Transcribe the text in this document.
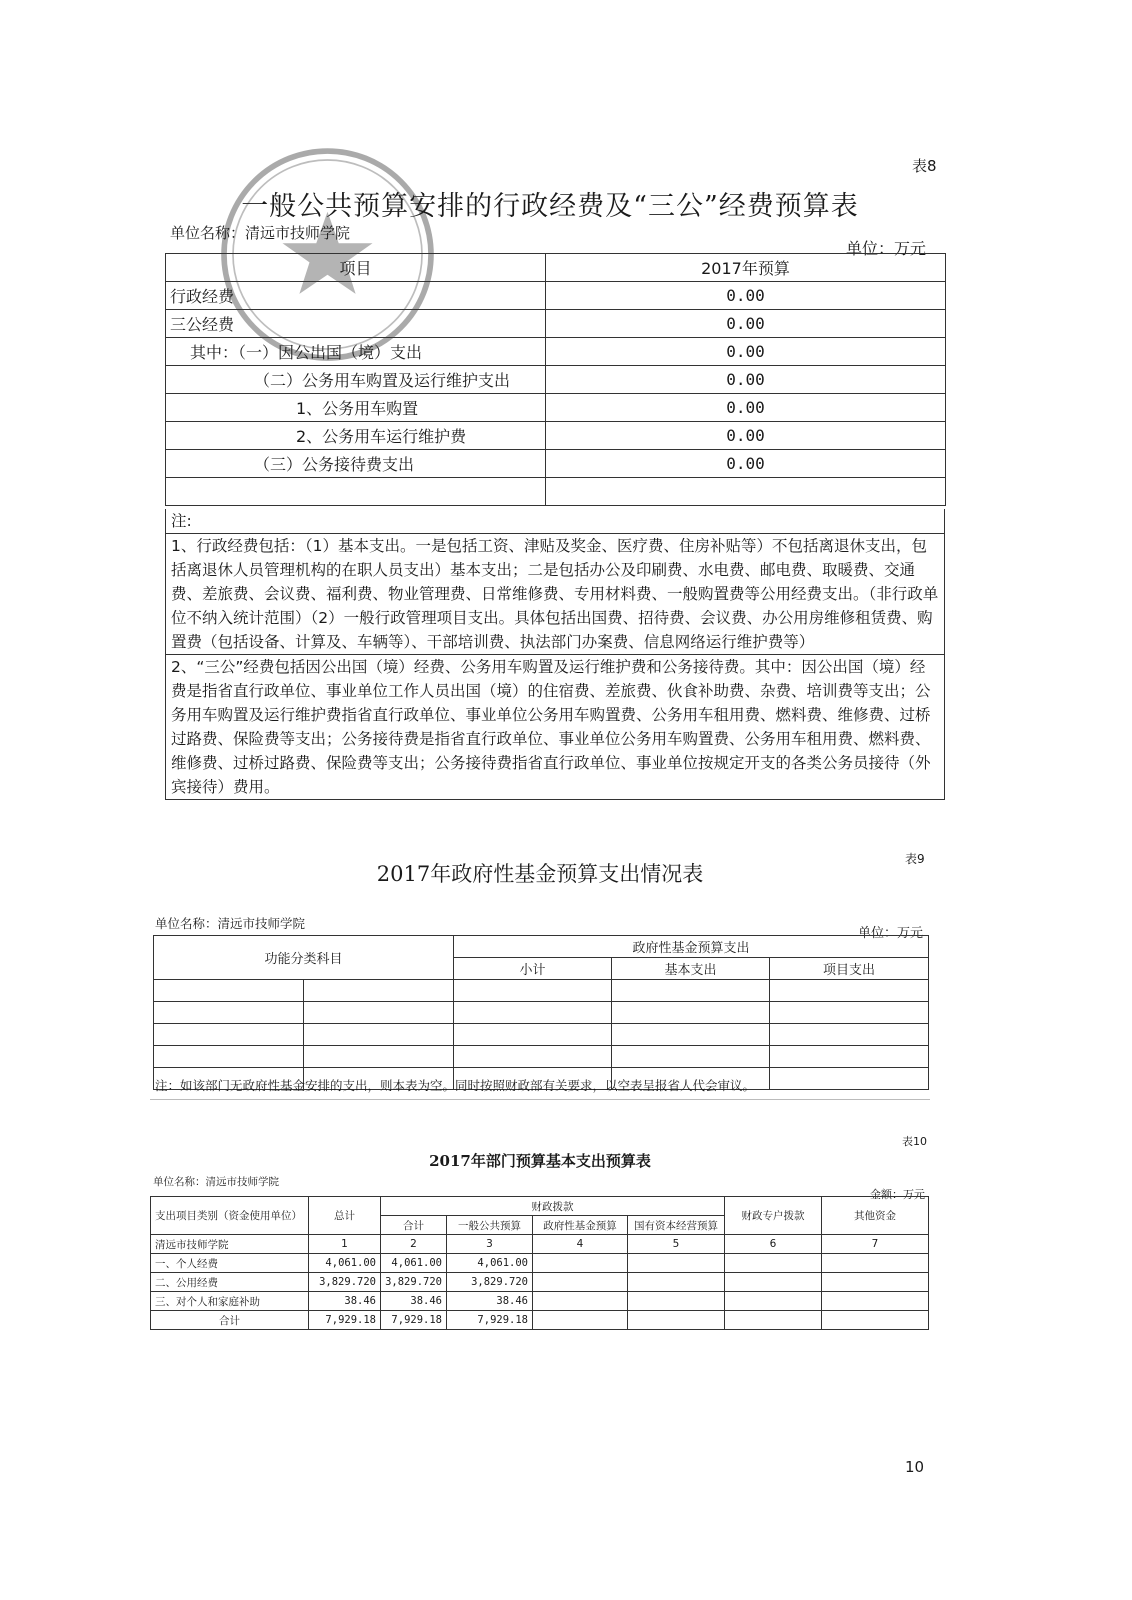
表8
一般公共预算安排的行政经费及“三公”经费预算表
单位名称：清远市技师学院
单位：万元
项目	2017年预算
行政经费	0.00
三公经费	0.00
其中：（一）因公出国（境）支出	0.00
（二）公务用车购置及运行维护支出	0.00
1、公务用车购置	0.00
2、公务用车运行维护费	0.00
（三）公务接待费支出	0.00

注:
1、行政经费包括：（1）基本支出。一是包括工资、津贴及奖金、医疗费、住房补贴等）不包括离退休支出，包括离退休人员管理机构的在职人员支出）基本支出；二是包括办公及印刷费、水电费、邮电费、取暖费、交通费、差旅费、会议费、福利费、物业管理费、日常维修费、专用材料费、一般购置费等公用经费支出。（非行政单位不纳入统计范围）（2）一般行政管理项目支出。具体包括出国费、招待费、会议费、办公用房维修租赁费、购置费（包括设备、计算及、车辆等）、干部培训费、执法部门办案费、信息网络运行维护费等）
2、“三公”经费包括因公出国（境）经费、公务用车购置及运行维护费和公务接待费。其中：因公出国（境）经费是指省直行政单位、事业单位工作人员出国（境）的住宿费、差旅费、伙食补助费、杂费、培训费等支出；公务用车购置及运行维护费指省直行政单位、事业单位公务用车购置费、公务用车租用费、燃料费、维修费、过桥过路费、保险费等支出；公务接待费是指省直行政单位、事业单位公务用车购置费、公务用车租用费、燃料费、维修费、过桥过路费、保险费等支出；公务接待费指省直行政单位、事业单位按规定开支的各类公务员接待（外宾接待）费用。
表9
2017年政府性基金预算支出情况表
单位名称：清远市技师学院
单位：万元
功能分类科目		政府性基金预算支出		
		小计	基本支出	项目支出

注：如该部门无政府性基金安排的支出，则本表为空。同时按照财政部有关要求，以空表呈报省人代会审议。
表10
2017年部门预算基本支出预算表
单位名称：清远市技师学院
金额：万元
支出项目类别（资金使用单位）	总计	财政拨款				财政专户拨款	其他资金
		合计	一般公共预算	政府性基金预算	国有资本经营预算		
清远市技师学院	1	2	3	4	5	6	7
一、个人经费	4,061.00	4,061.00	4,061.00				
二、公用经费	3,829.720	3,829.720	3,829.720				
三、对个人和家庭补助	38.46	38.46	38.46				
合计	7,929.18	7,929.18	7,929.18				
10
